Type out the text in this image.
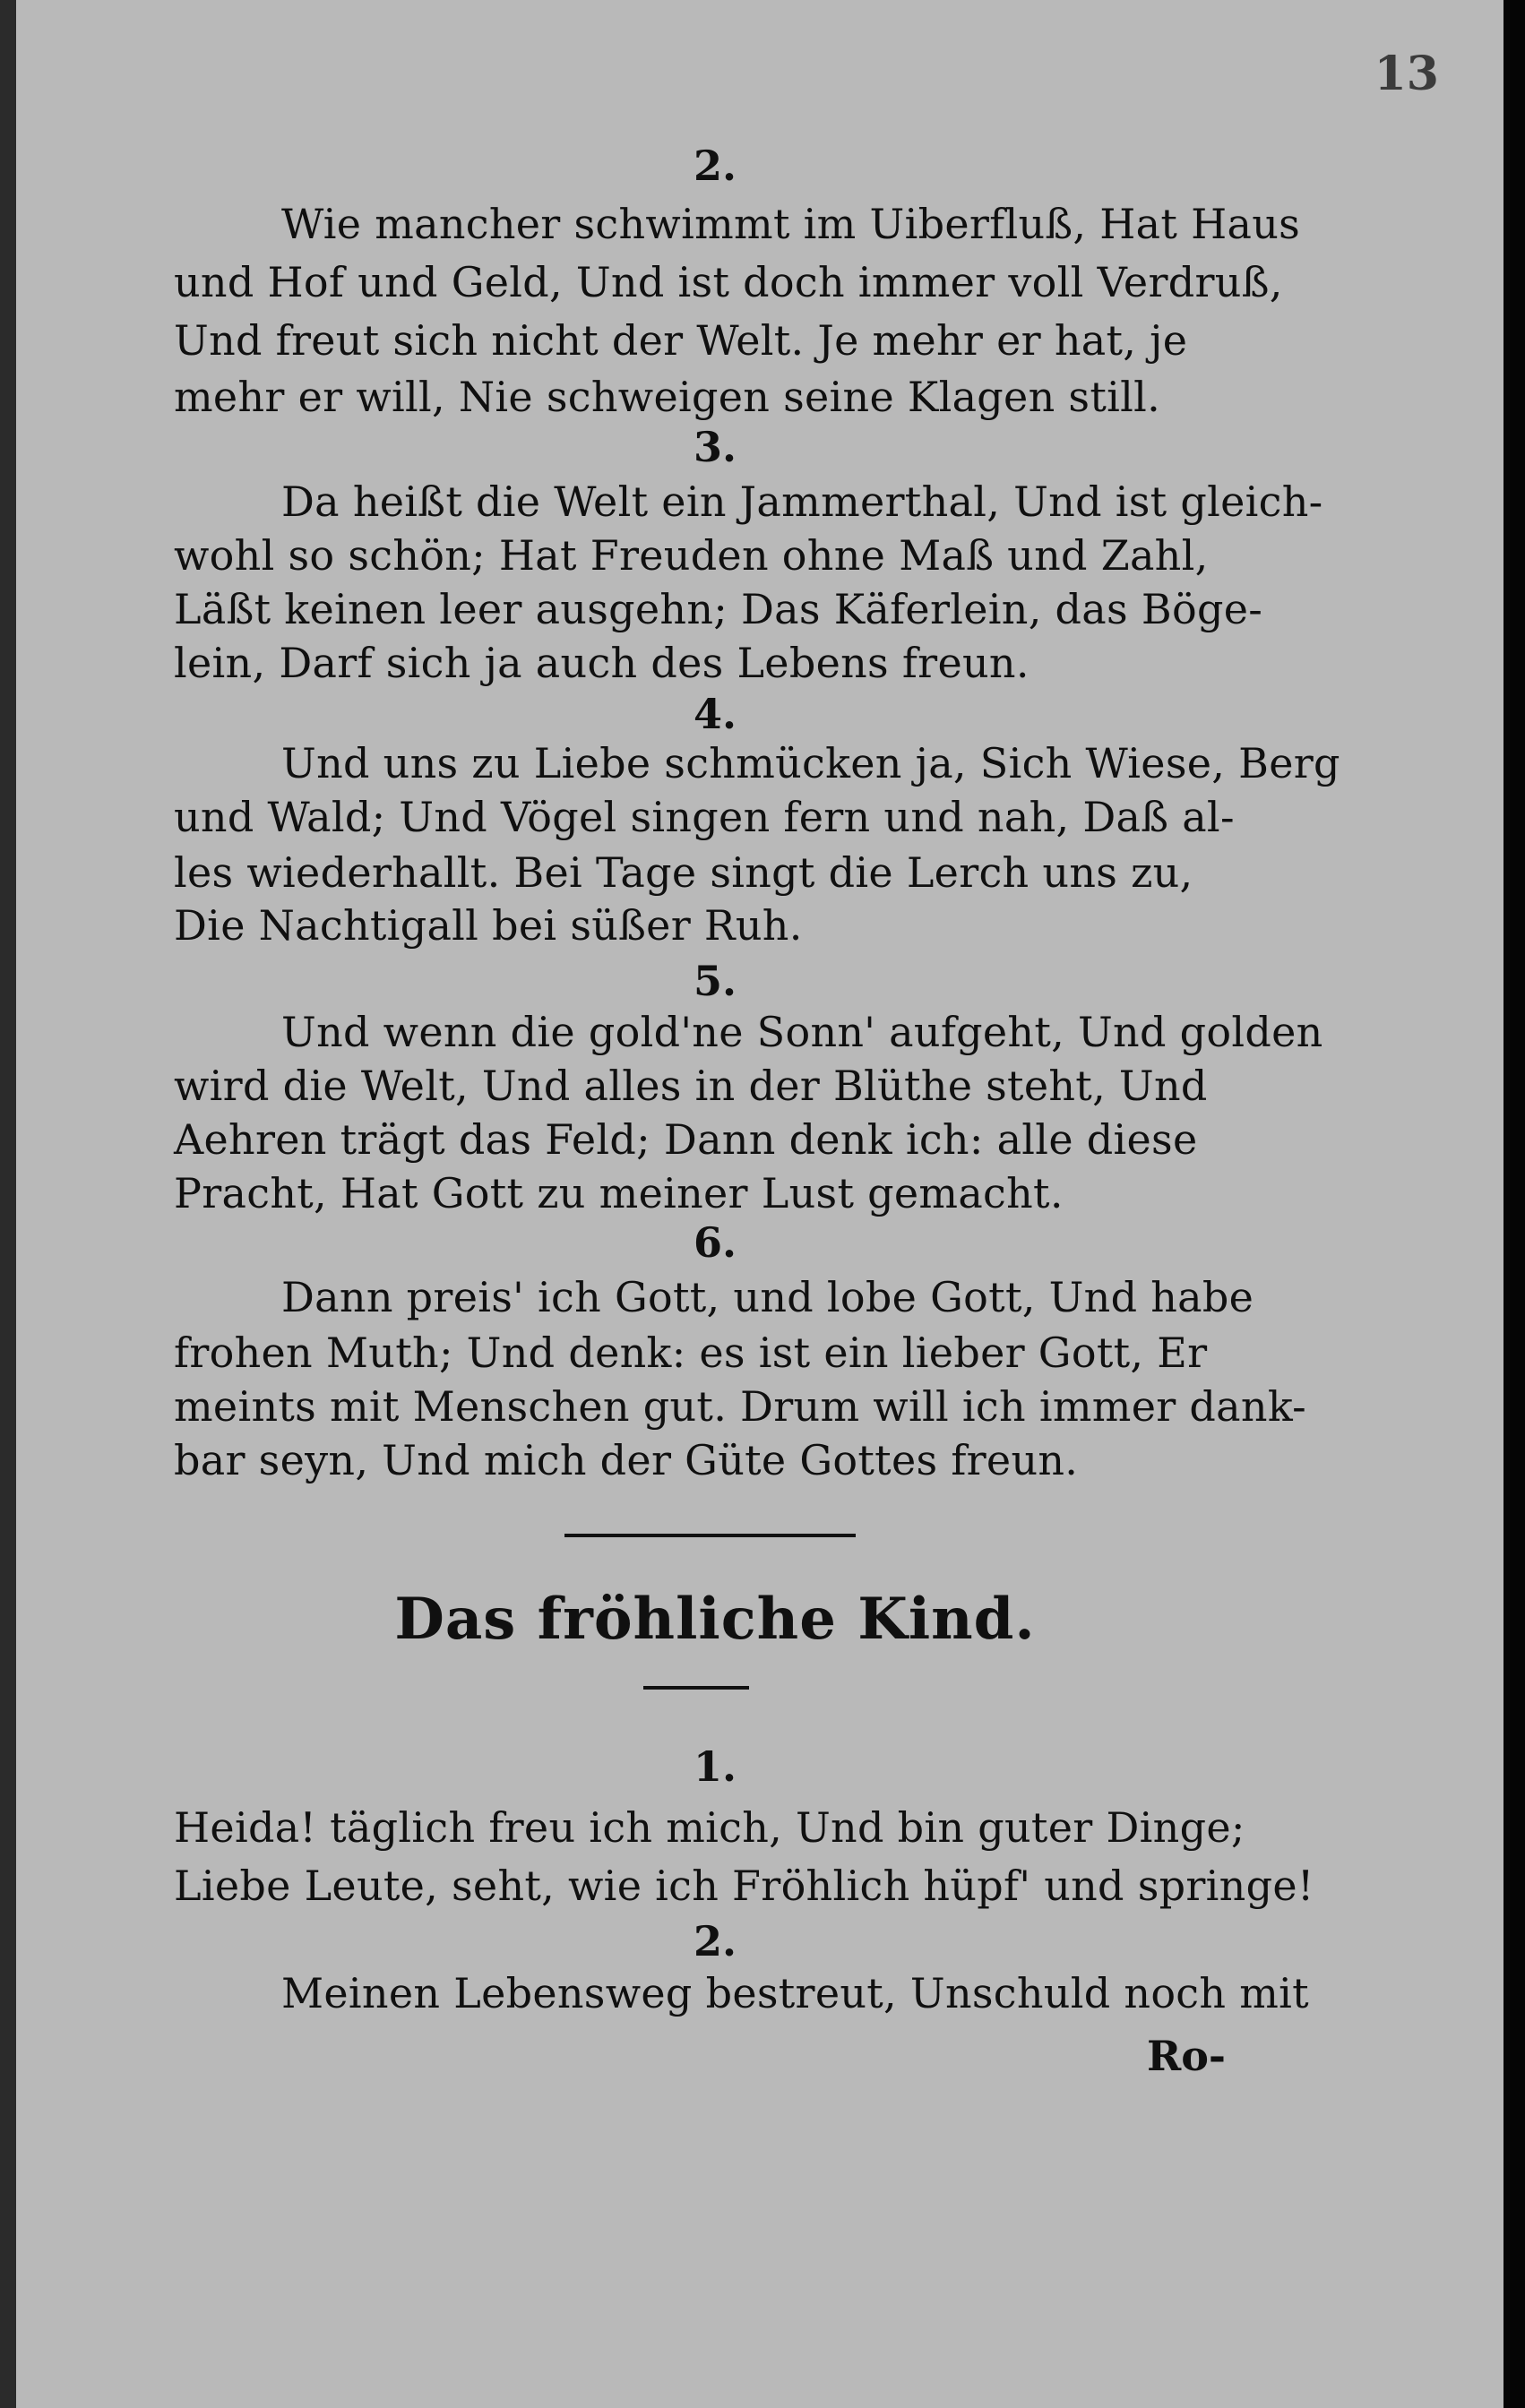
13
2.
Wie mancher schwimmt im Uiberfluß, Hat Haus
und Hof und Geld, Und ist doch immer voll Verdruß,
Und freut sich nicht der Welt. Je mehr er hat, je
mehr er will, Nie schweigen seine Klagen still.
3.
Da heißt die Welt ein Jammerthal, Und ist gleich-
wohl so schön; Hat Freuden ohne Maß und Zahl,
Läßt keinen leer ausgehn; Das Käferlein, das Böge-
lein, Darf sich ja auch des Lebens freun.
4.
Und uns zu Liebe schmücken ja, Sich Wiese, Berg
und Wald; Und Vögel singen fern und nah, Daß al-
les wiederhallt. Bei Tage singt die Lerch uns zu,
Die Nachtigall bei süßer Ruh.
5.
Und wenn die gold'ne Sonn' aufgeht, Und golden
wird die Welt, Und alles in der Blüthe steht, Und
Aehren trägt das Feld; Dann denk ich: alle diese
Pracht, Hat Gott zu meiner Lust gemacht.
6.
Dann preis' ich Gott, und lobe Gott, Und habe
frohen Muth; Und denk: es ist ein lieber Gott, Er
meints mit Menschen gut. Drum will ich immer dank-
bar seyn, Und mich der Güte Gottes freun.
Das fröhliche Kind.
1.
Heida! täglich freu ich mich, Und bin guter Dinge;
Liebe Leute, seht, wie ich Fröhlich hüpf' und springe!
2.
Meinen Lebensweg bestreut, Unschuld noch mit
Ro-
